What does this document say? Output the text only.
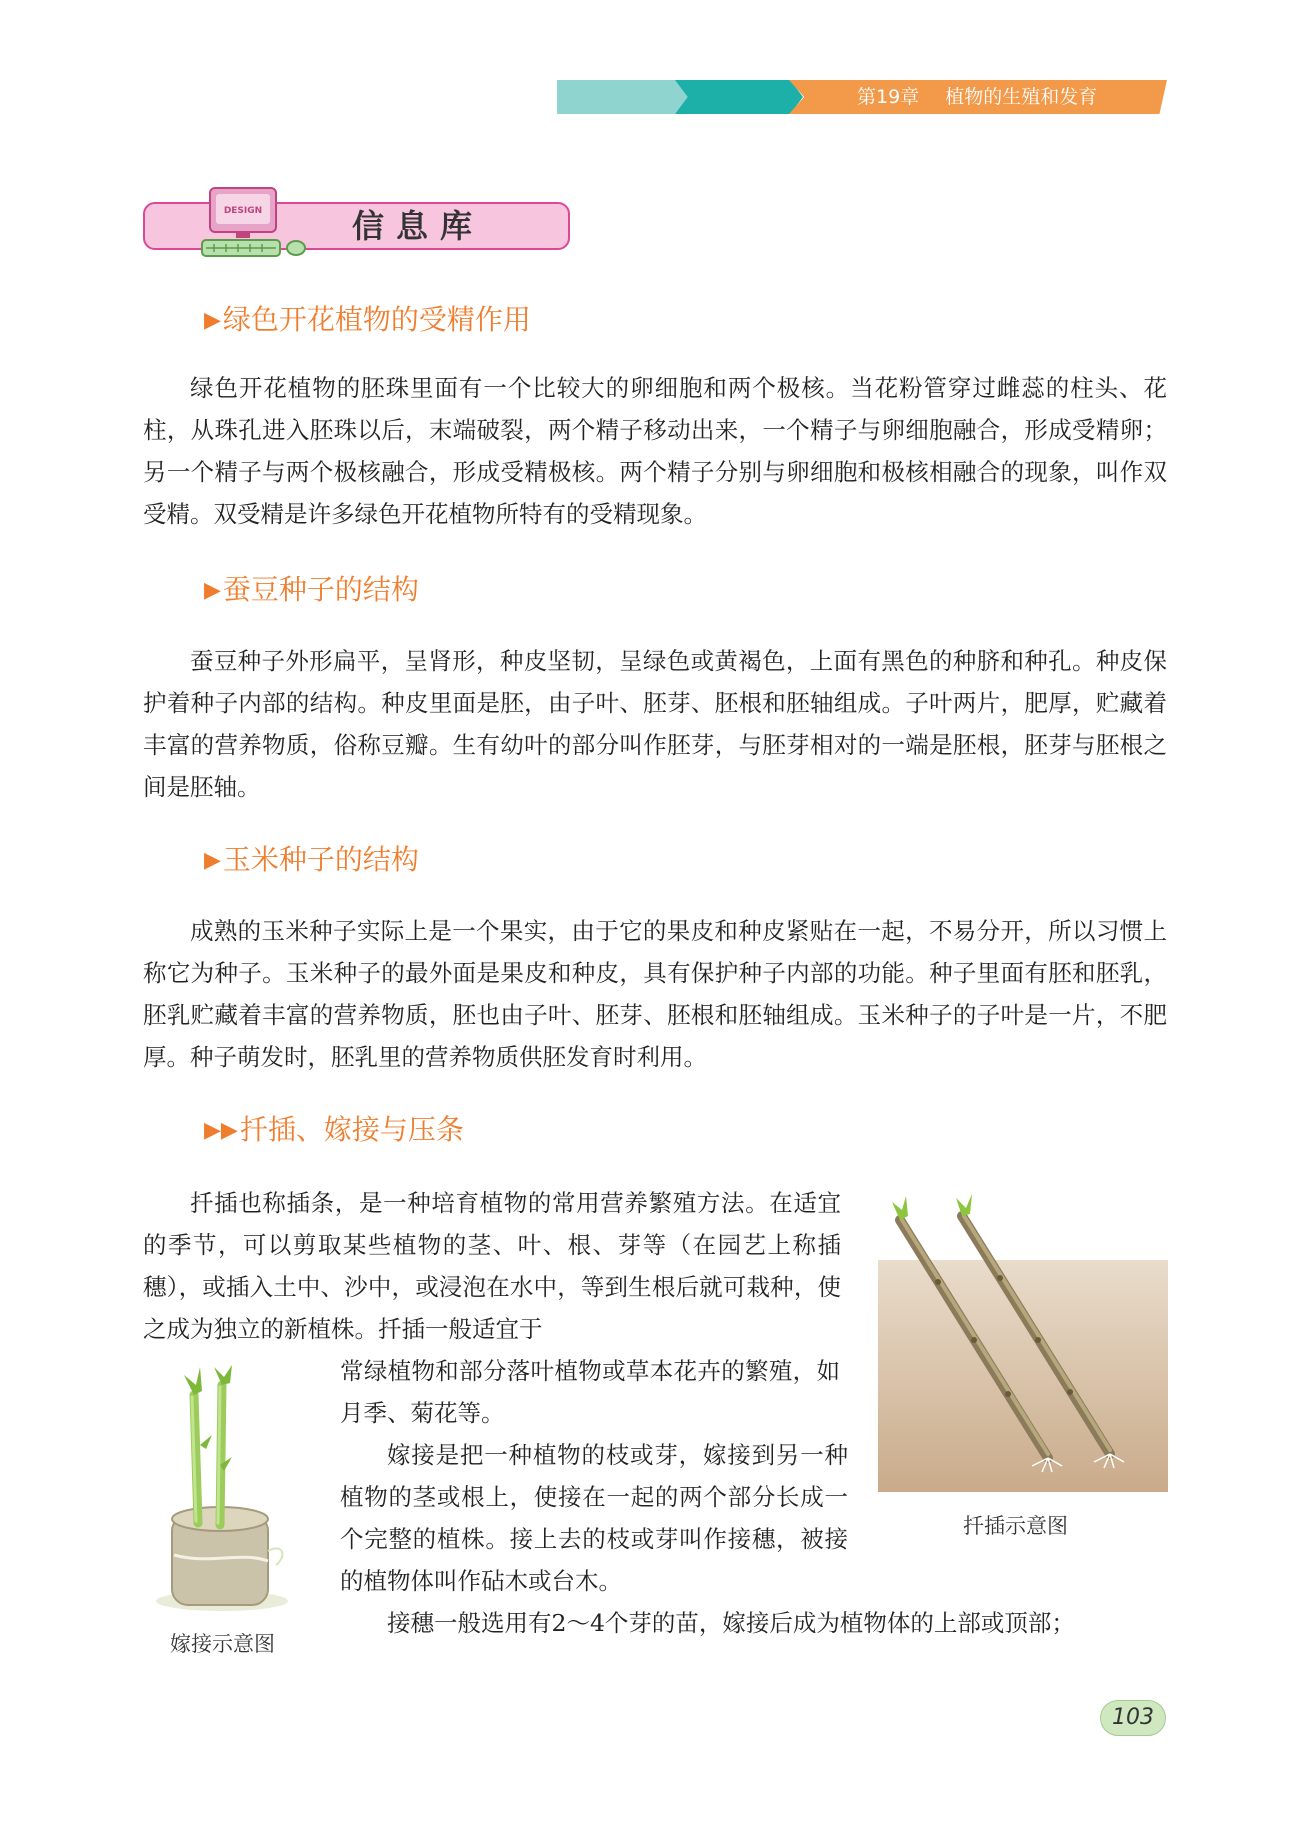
第19章 植物的生殖和发育
DESIGN	信息库
▶绿色开花植物的受精作用
绿色开花植物的胚珠里面有一个比较大的卵细胞和两个极核。当花粉管穿过雌蕊的柱头、花柱，从珠孔进入胚珠以后，末端破裂，两个精子移动出来，一个精子与卵细胞融合，形成受精卵；另一个精子与两个极核融合，形成受精极核。两个精子分别与卵细胞和极核相融合的现象，叫作双受精。双受精是许多绿色开花植物所特有的受精现象。
▶蚕豆种子的结构
蚕豆种子外形扁平，呈肾形，种皮坚韧，呈绿色或黄褐色，上面有黑色的种脐和种孔。种皮保护着种子内部的结构。种皮里面是胚，由子叶、胚芽、胚根和胚轴组成。子叶两片，肥厚，贮藏着丰富的营养物质，俗称豆瓣。生有幼叶的部分叫作胚芽，与胚芽相对的一端是胚根，胚芽与胚根之间是胚轴。
▶玉米种子的结构
成熟的玉米种子实际上是一个果实，由于它的果皮和种皮紧贴在一起，不易分开，所以习惯上称它为种子。玉米种子的最外面是果皮和种皮，具有保护种子内部的功能。种子里面有胚和胚乳，胚乳贮藏着丰富的营养物质，胚也由子叶、胚芽、胚根和胚轴组成。玉米种子的子叶是一片，不肥厚。种子萌发时，胚乳里的营养物质供胚发育时利用。
▶▶扦插、嫁接与压条
扦插也称插条，是一种培育植物的常用营养繁殖方法。在适宜的季节，可以剪取某些植物的茎、叶、根、芽等（在园艺上称插穗），或插入土中、沙中，或浸泡在水中，等到生根后就可栽种，使之成为独立的新植株。扦插一般适宜于
常绿植物和部分落叶植物或草本花卉的繁殖，如月季、菊花等。
嫁接是把一种植物的枝或芽，嫁接到另一种植物的茎或根上，使接在一起的两个部分长成一个完整的植株。接上去的枝或芽叫作接穗，被接的植物体叫作砧木或台木。
接穗一般选用有2～4个芽的苗，嫁接后成为植物体的上部或顶部；
扦插示意图
嫁接示意图
103
